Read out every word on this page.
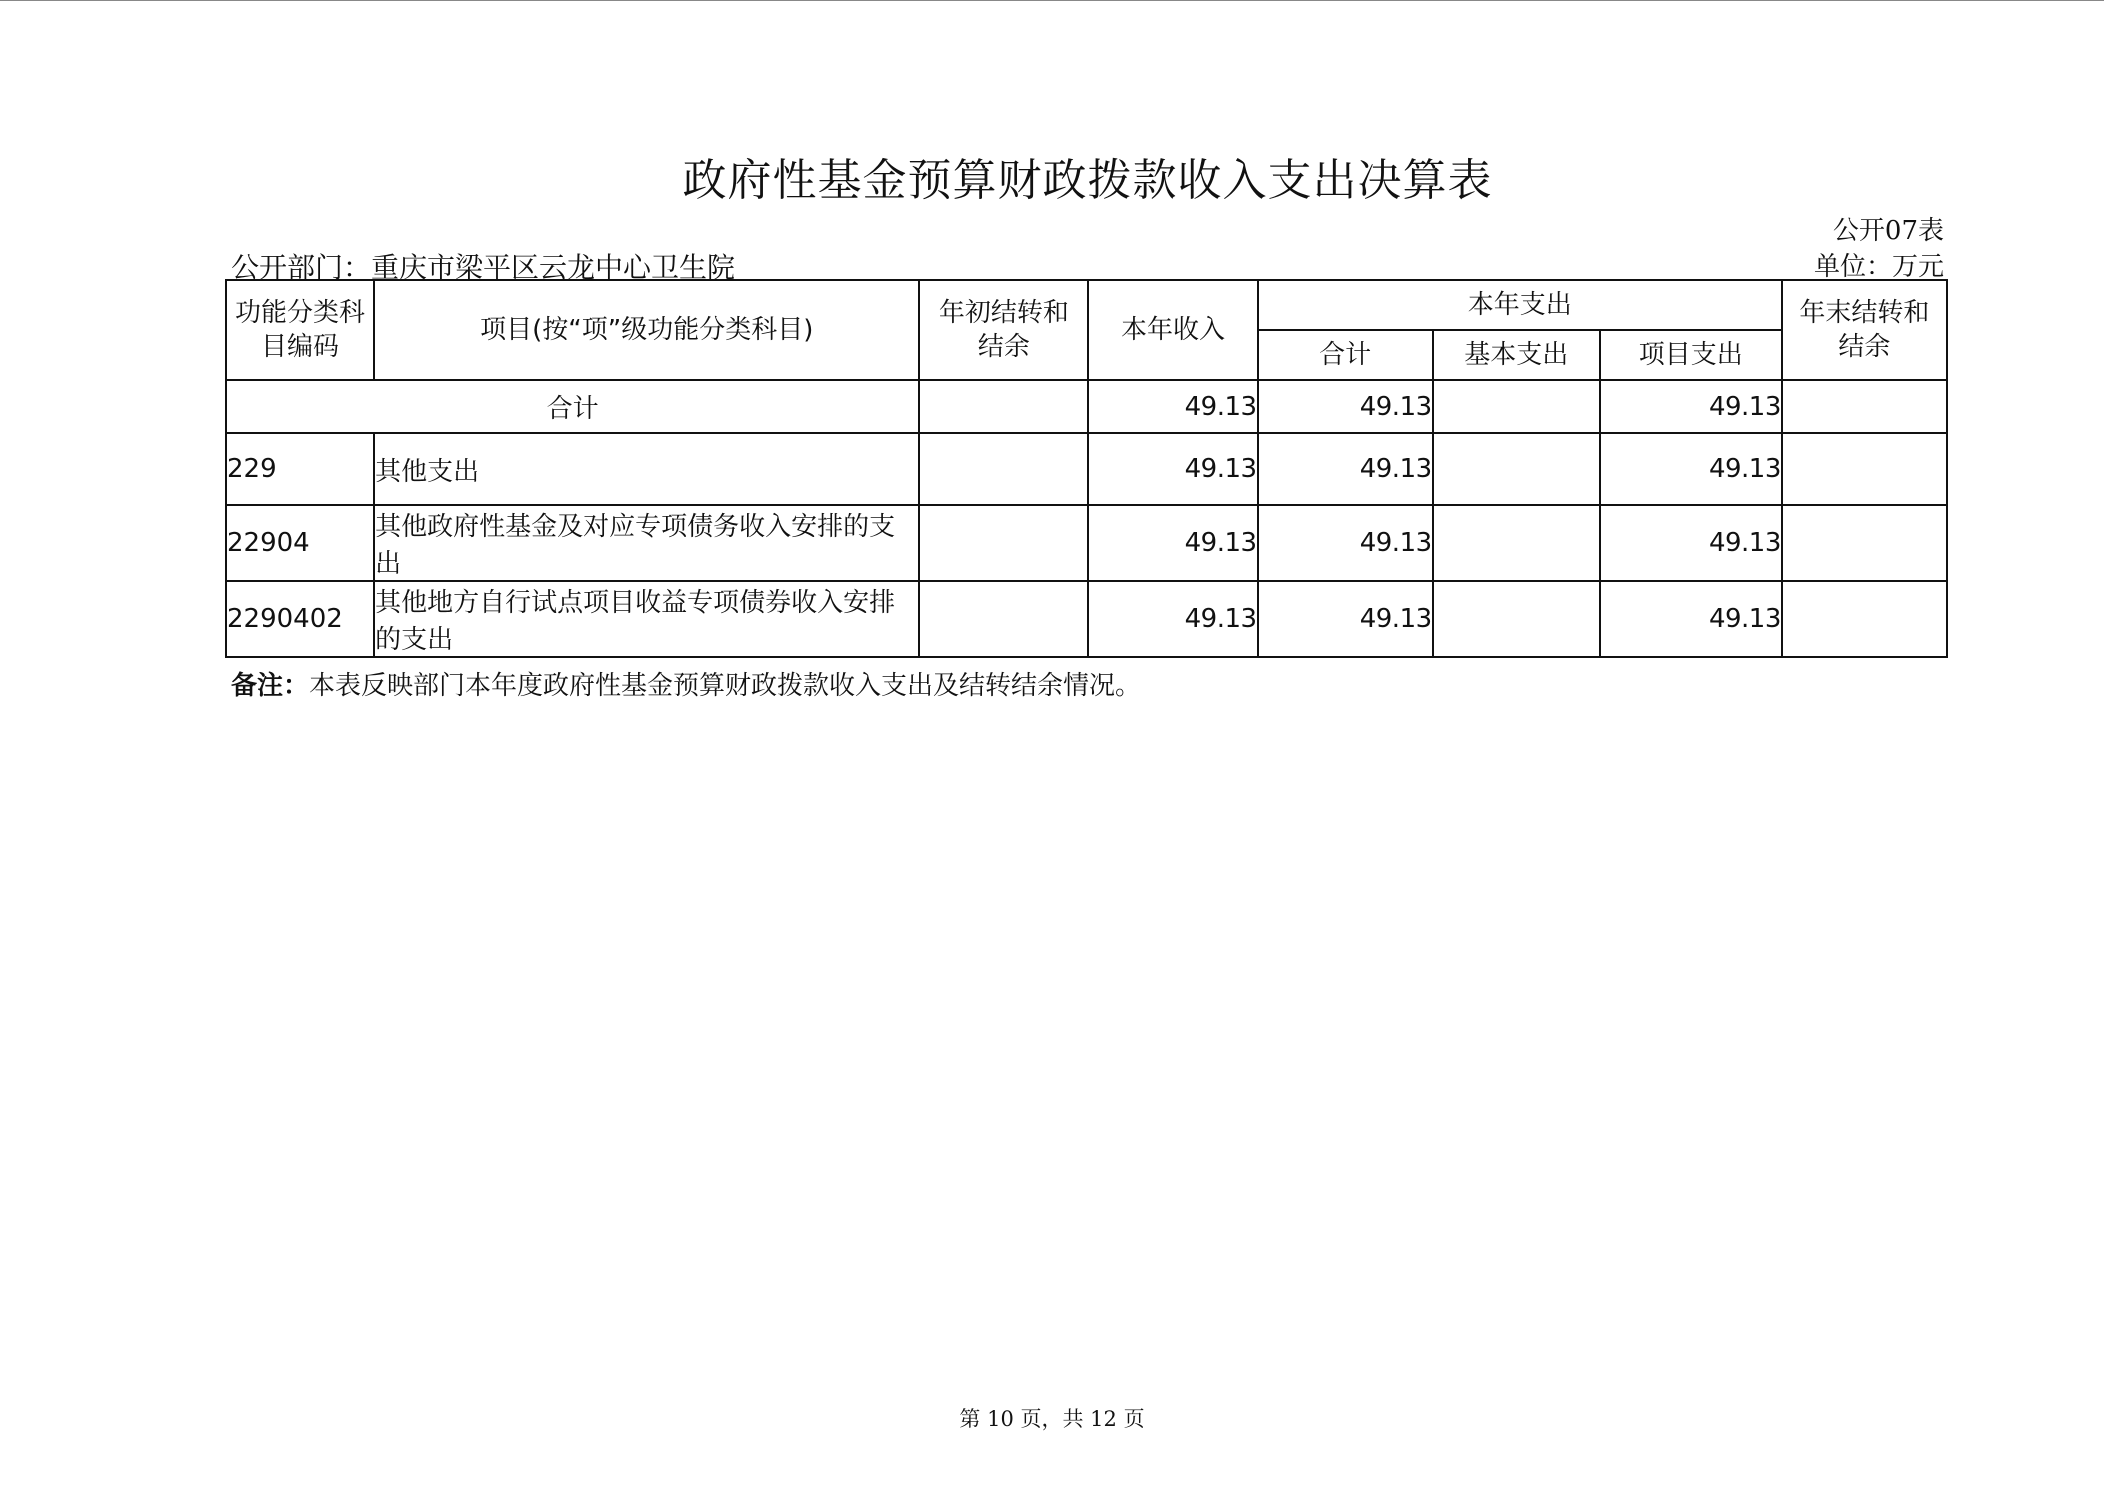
政府性基金预算财政拨款收入支出决算表
公开07表
公开部门：重庆市梁平区云龙中心卫生院	单位：万元
功能分类科目编码	项目(按“项”级功能分类科目)	年初结转和结余	本年收入	本年支出			年末结转和结余
				合计	基本支出	项目支出	
合计			49.13	49.13		49.13	
229	其他支出		49.13	49.13		49.13	
22904	其他政府性基金及对应专项债务收入安排的支出		49.13	49.13		49.13	
2290402	其他地方自行试点项目收益专项债券收入安排的支出		49.13	49.13		49.13	
备注：本表反映部门本年度政府性基金预算财政拨款收入支出及结转结余情况。
第 10 页，共 12 页
